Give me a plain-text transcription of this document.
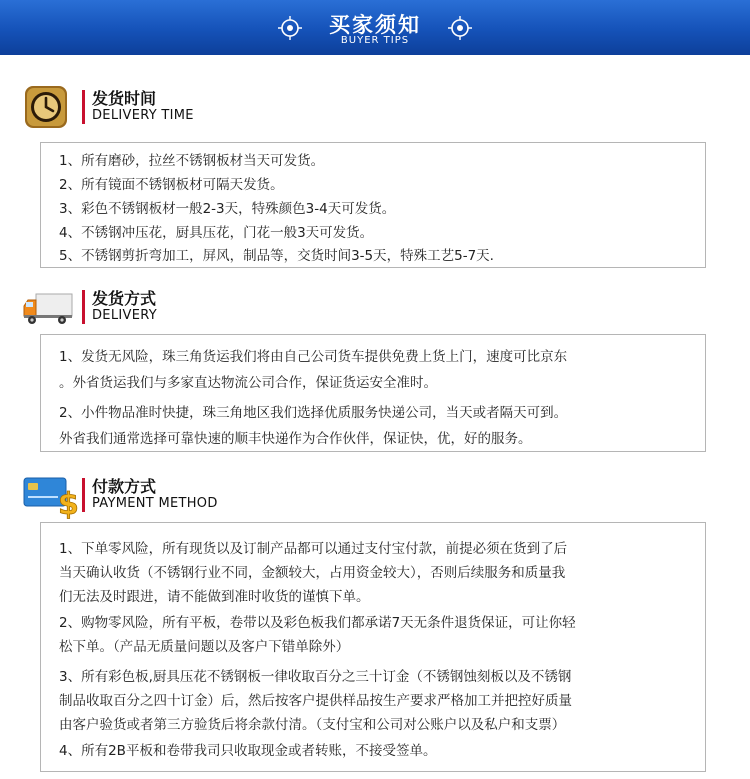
买家须知
BUYER TIPS
发货时间
DELIVERY TIME
1、所有磨砂，拉丝不锈钢板材当天可发货。
2、所有镜面不锈钢板材可隔天发货。
3、彩色不锈钢板材一般2-3天，特殊颜色3-4天可发货。
4、不锈钢冲压花，厨具压花，门花一般3天可发货。
5、不锈钢剪折弯加工，屏风，制品等，交货时间3-5天，特殊工艺5-7天.
发货方式
DELIVERY
1、发货无风险，珠三角货运我们将由自己公司货车提供免费上货上门，速度可比京东
。外省货运我们与多家直达物流公司合作，保证货运安全准时。
2、小件物品准时快捷，珠三角地区我们选择优质服务快递公司，当天或者隔天可到。
外省我们通常选择可靠快速的顺丰快递作为合作伙伴，保证快，优，好的服务。
$
付款方式
PAYMENT METHOD
1、下单零风险，所有现货以及订制产品都可以通过支付宝付款，前提必须在货到了后
当天确认收货（不锈钢行业不同，金额较大，占用资金较大），否则后续服务和质量我
们无法及时跟进，请不能做到准时收货的谨慎下单。
2、购物零风险，所有平板，卷带以及彩色板我们都承诺7天无条件退货保证，可让你轻
松下单。（产品无质量问题以及客户下错单除外）
3、所有彩色板,厨具压花不锈钢板一律收取百分之三十订金（不锈钢蚀刻板以及不锈钢
制品收取百分之四十订金）后，然后按客户提供样品按生产要求严格加工并把控好质量
由客户验货或者第三方验货后将余款付清。（支付宝和公司对公账户以及私户和支票）
4、所有2B平板和卷带我司只收取现金或者转账，不接受签单。
